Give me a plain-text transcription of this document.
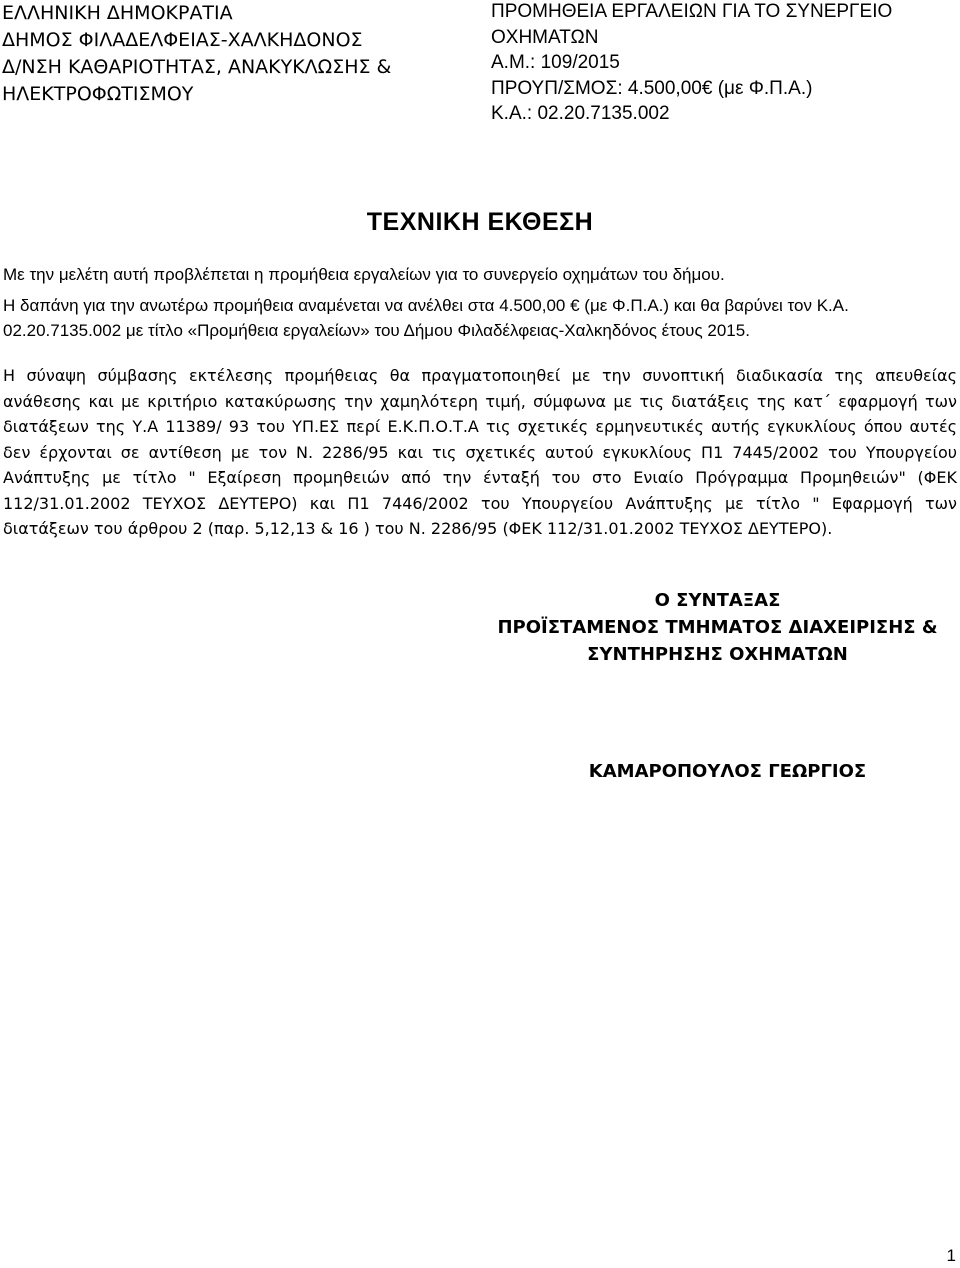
ΕΛΛΗΝΙΚΗ ΔΗΜΟΚΡΑΤΙΑ
ΔΗΜΟΣ ΦΙΛΑΔΕΛΦΕΙΑΣ-ΧΑΛΚΗΔΟΝΟΣ
Δ/ΝΣΗ ΚΑΘΑΡΙΟΤΗΤΑΣ, ΑΝΑΚΥΚΛΩΣΗΣ &
ΗΛΕΚΤΡΟΦΩΤΙΣΜΟΥ
ΠΡΟΜΗΘΕΙΑ ΕΡΓΑΛΕΙΩΝ ΓΙΑ ΤΟ ΣΥΝΕΡΓΕΙΟ
ΟΧΗΜΑΤΩΝ
Α.Μ.: 109/2015
ΠΡΟΥΠ/ΣΜΟΣ: 4.500,00€ (με Φ.Π.Α.)
Κ.Α.: 02.20.7135.002
ΤΕΧΝΙΚΗ ΕΚΘΕΣΗ
Με την μελέτη αυτή προβλέπεται η προμήθεια εργαλείων για το συνεργείο οχημάτων του δήμου.
Η δαπάνη για την ανωτέρω προμήθεια αναμένεται να ανέλθει στα 4.500,00 € (με Φ.Π.Α.) και θα βαρύνει τον Κ.Α.
02.20.7135.002 με τίτλο «Προμήθεια εργαλείων» του Δήμου Φιλαδέλφειας-Χαλκηδόνος έτους 2015.
Η σύναψη σύμβασης εκτέλεσης προμήθειας θα πραγματοποιηθεί με την συνοπτική διαδικασία της απευθείας
ανάθεσης και με κριτήριο κατακύρωσης την χαμηλότερη τιμή, σύμφωνα με τις διατάξεις της κατ΄ εφαρμογή των
διατάξεων της Υ.Α 11389/ 93 του ΥΠ.ΕΣ περί Ε.Κ.Π.Ο.Τ.Α τις σχετικές ερμηνευτικές αυτής εγκυκλίους όπου αυτές
δεν έρχονται σε αντίθεση με τον Ν. 2286/95 και τις σχετικές αυτού εγκυκλίους Π1 7445/2002 του Υπουργείου
Ανάπτυξης με τίτλο " Εξαίρεση προμηθειών από την ένταξή του στο Ενιαίο Πρόγραμμα Προμηθειών" (ΦΕΚ
112/31.01.2002 ΤΕΥΧΟΣ ΔΕΥΤΕΡΟ) και Π1 7446/2002 του Υπουργείου Ανάπτυξης με τίτλο " Εφαρμογή των
διατάξεων του άρθρου 2 (παρ. 5,12,13 & 16 ) του Ν. 2286/95 (ΦΕΚ 112/31.01.2002 ΤΕΥΧΟΣ ΔΕΥΤΕΡΟ).
Ο ΣΥΝΤΑΞΑΣ
ΠΡΟΪΣΤΑΜΕΝΟΣ ΤΜΗΜΑΤΟΣ ΔΙΑΧΕΙΡΙΣΗΣ &
ΣΥΝΤΗΡΗΣΗΣ ΟΧΗΜΑΤΩΝ
ΚΑΜΑΡΟΠΟΥΛΟΣ ΓΕΩΡΓΙΟΣ
1
